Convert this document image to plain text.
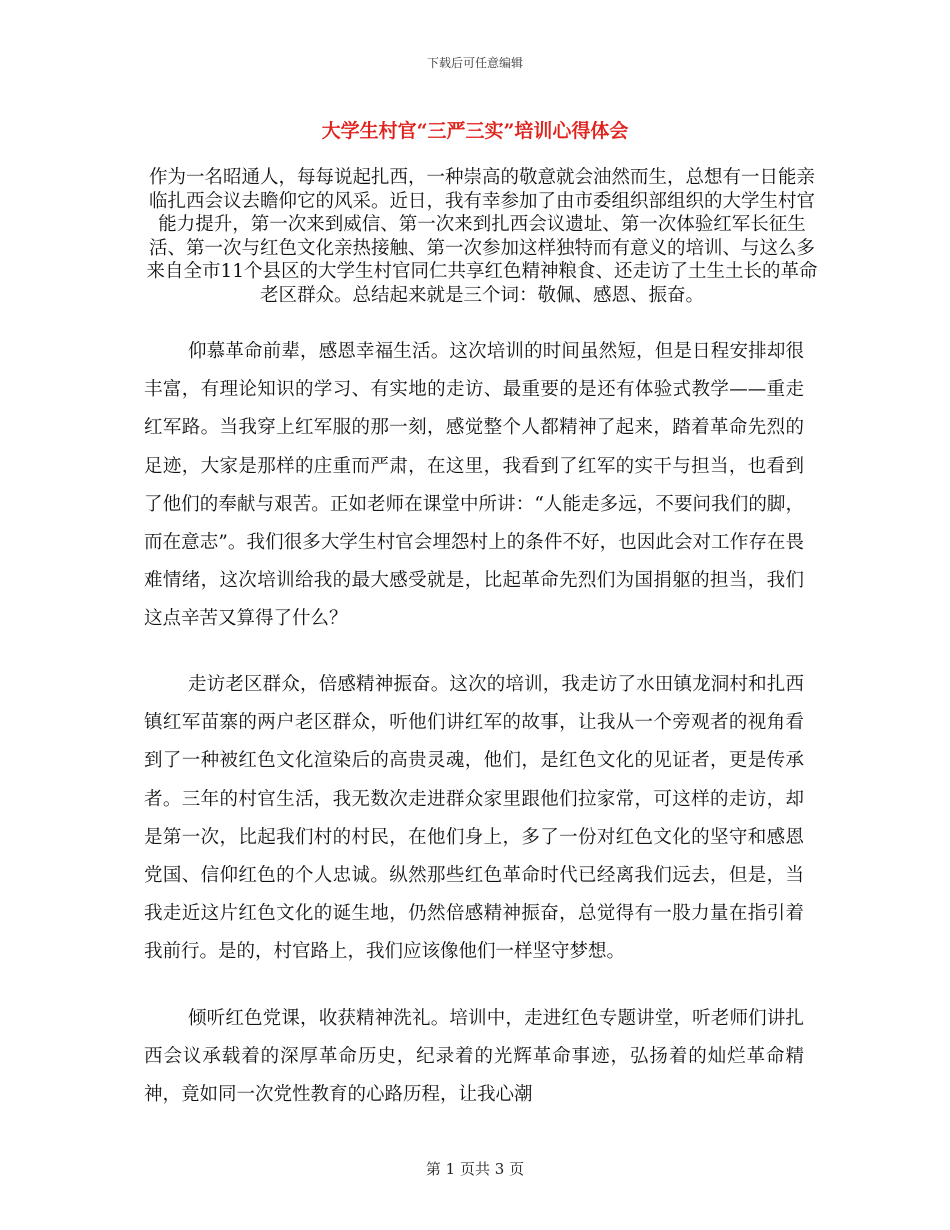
下载后可任意编辑
大学生村官“三严三实”培训心得体会

作为一名昭通人，每每说起扎西，一种崇高的敬意就会油然而生，总想有一日能亲临扎西会议去瞻仰它的风采。近日，我有幸参加了由市委组织部组织的大学生村官能力提升，第一次来到威信、第一次来到扎西会议遗址、第一次体验红军长征生活、第一次与红色文化亲热接触、第一次参加这样独特而有意义的培训、与这么多来自全市11个县区的大学生村官同仁共享红色精神粮食、还走访了土生土长的革命老区群众。总结起来就是三个词：敬佩、感恩、振奋。

仰慕革命前辈，感恩幸福生活。这次培训的时间虽然短，但是日程安排却很丰富，有理论知识的学习、有实地的走访、最重要的是还有体验式教学——重走红军路。当我穿上红军服的那一刻，感觉整个人都精神了起来，踏着革命先烈的足迹，大家是那样的庄重而严肃，在这里，我看到了红军的实干与担当，也看到了他们的奉献与艰苦。正如老师在课堂中所讲：“人能走多远，不要问我们的脚，而在意志”。我们很多大学生村官会埋怨村上的条件不好，也因此会对工作存在畏难情绪，这次培训给我的最大感受就是，比起革命先烈们为国捐躯的担当，我们这点辛苦又算得了什么？

走访老区群众，倍感精神振奋。这次的培训，我走访了水田镇龙洞村和扎西镇红军苗寨的两户老区群众，听他们讲红军的故事，让我从一个旁观者的视角看到了一种被红色文化渲染后的高贵灵魂，他们，是红色文化的见证者，更是传承者。三年的村官生活，我无数次走进群众家里跟他们拉家常，可这样的走访，却是第一次，比起我们村的村民，在他们身上，多了一份对红色文化的坚守和感恩党国、信仰红色的个人忠诚。纵然那些红色革命时代已经离我们远去，但是，当我走近这片红色文化的诞生地，仍然倍感精神振奋，总觉得有一股力量在指引着我前行。是的，村官路上，我们应该像他们一样坚守梦想。

倾听红色党课，收获精神洗礼。培训中，走进红色专题讲堂，听老师们讲扎西会议承载着的深厚革命历史，纪录着的光辉革命事迹，弘扬着的灿烂革命精神，竟如同一次党性教育的心路历程，让我心潮

第 1 页共 3 页
